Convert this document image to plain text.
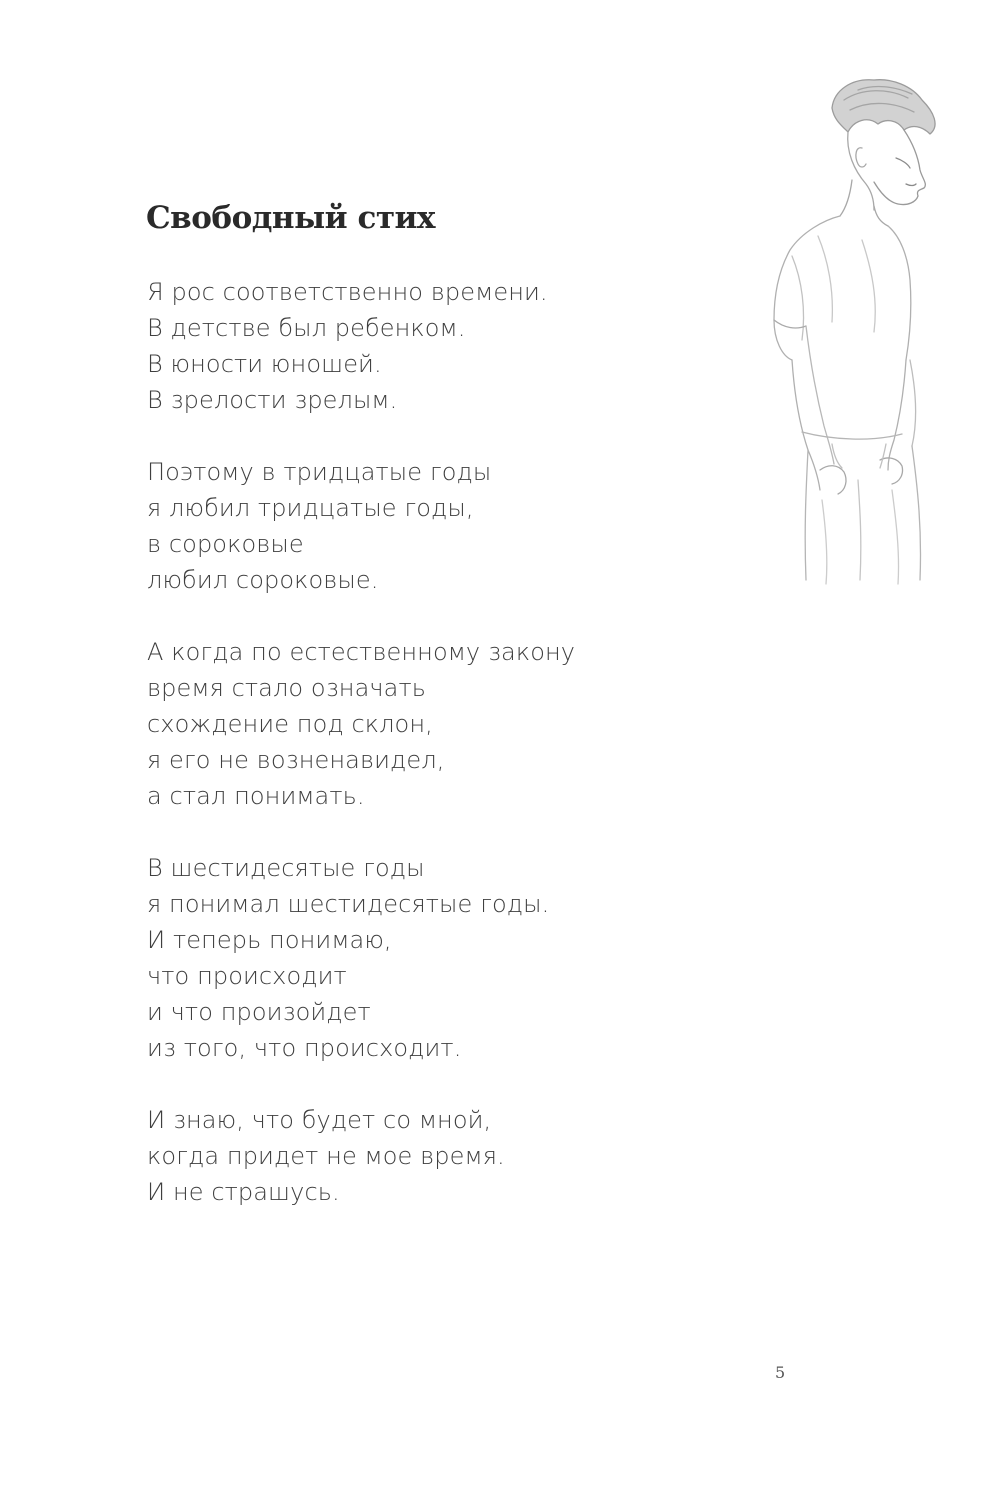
Свободный стих
Я рос соответственно времени.
В детстве был ребенком.
В юности юношей.
В зрелости зрелым.
Поэтому в тридцатые годы
я любил тридцатые годы,
в сороковые
любил сороковые.
А когда по естественному закону
время стало означать
схождение под склон,
я его не возненавидел,
а стал понимать.
В шестидесятые годы
я понимал шестидесятые годы.
И теперь понимаю,
что происходит
и что произойдет
из того, что происходит.
И знаю, что будет со мной,
когда придет не мое время.
И не страшусь.
5
